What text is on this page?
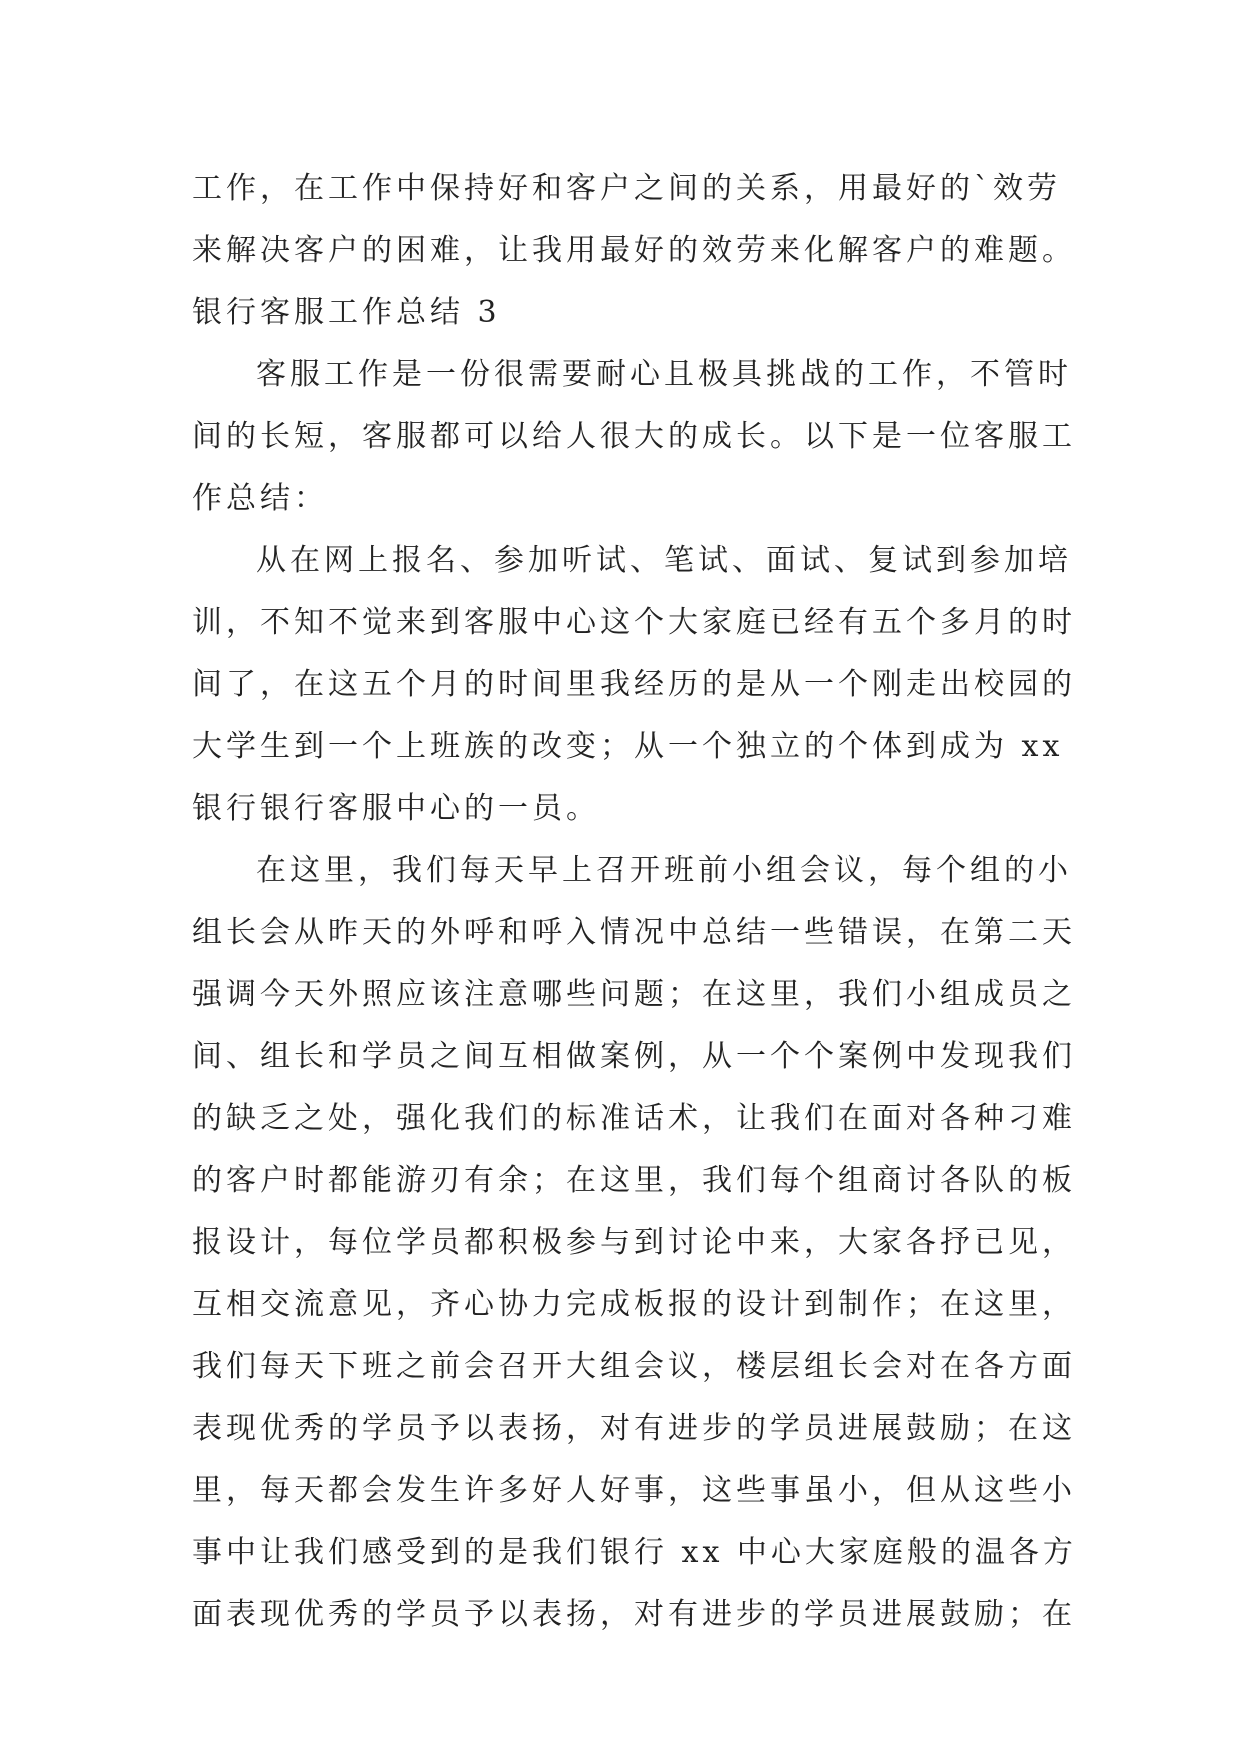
工作，在工作中保持好和客户之间的关系，用最好的`效劳
来解决客户的困难，让我用最好的效劳来化解客户的难题。
银行客服工作总结 3
客服工作是一份很需要耐心且极具挑战的工作，不管时
间的长短，客服都可以给人很大的成长。以下是一位客服工
作总结：
从在网上报名、参加听试、笔试、面试、复试到参加培
训，不知不觉来到客服中心这个大家庭已经有五个多月的时
间了，在这五个月的时间里我经历的是从一个刚走出校园的
大学生到一个上班族的改变；从一个独立的个体到成为 xx
银行银行客服中心的一员。
在这里，我们每天早上召开班前小组会议，每个组的小
组长会从昨天的外呼和呼入情况中总结一些错误，在第二天
强调今天外照应该注意哪些问题；在这里，我们小组成员之
间、组长和学员之间互相做案例，从一个个案例中发现我们
的缺乏之处，强化我们的标准话术，让我们在面对各种刁难
的客户时都能游刃有余；在这里，我们每个组商讨各队的板
报设计，每位学员都积极参与到讨论中来，大家各抒已见，
互相交流意见，齐心协力完成板报的设计到制作；在这里，
我们每天下班之前会召开大组会议，楼层组长会对在各方面
表现优秀的学员予以表扬，对有进步的学员进展鼓励；在这
里，每天都会发生许多好人好事，这些事虽小，但从这些小
事中让我们感受到的是我们银行 xx 中心大家庭般的温各方
面表现优秀的学员予以表扬，对有进步的学员进展鼓励；在
